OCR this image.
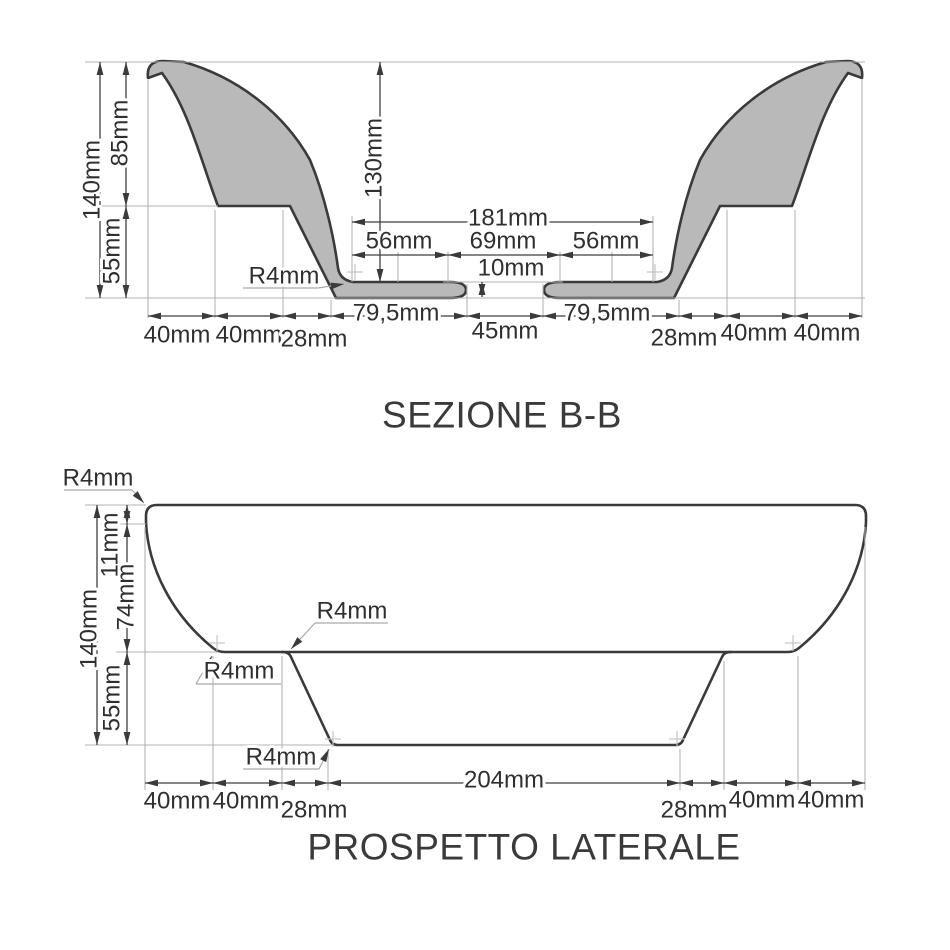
140mm
85mm
55mm
130mm
181mm
56mm 69mm 56mm
10mm
R4mm
79,5mm
45mm
79,5mm
40mm 40mm
28mm	28mm 40mm 40mm
SEZIONE B-B
R4mm
140mm
11mm
74mm
55mm
R4mm
R4mm
R4mm
204mm
40mm 40mm 28mm	28mm 40mm 40mm
PROSPETTO LATERALE
